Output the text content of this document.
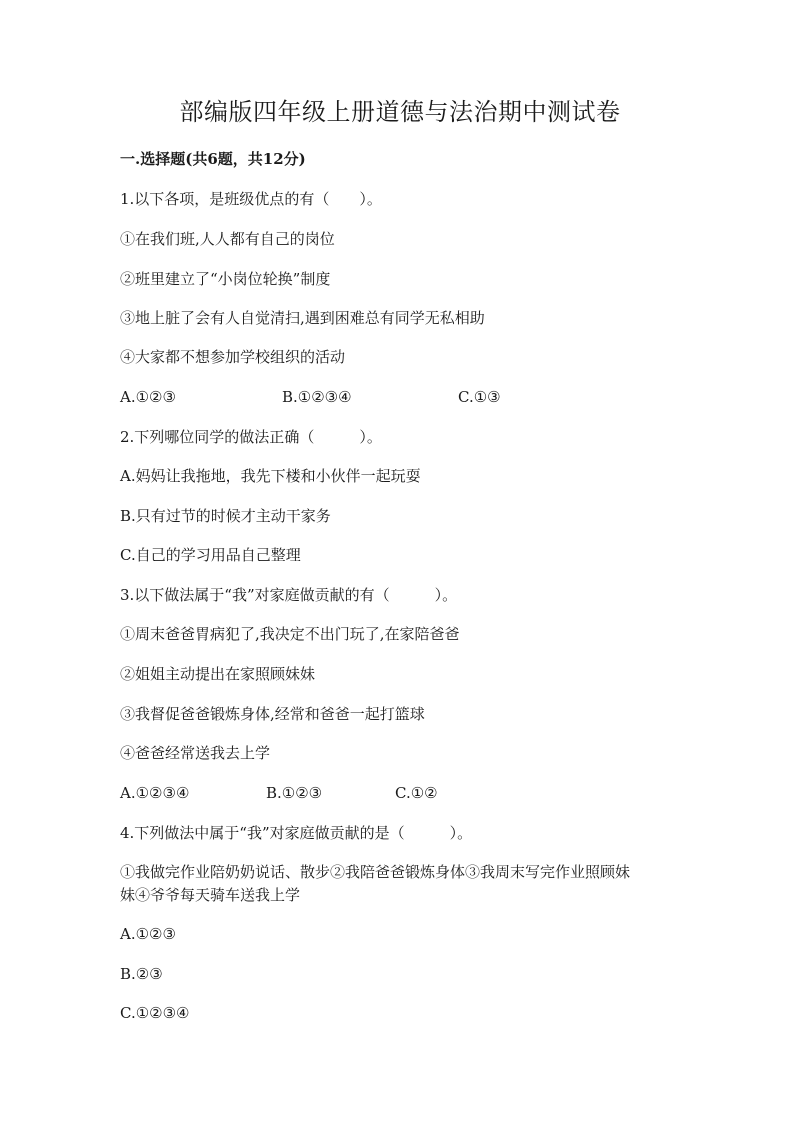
部编版四年级上册道德与法治期中测试卷
一.选择题(共6题，共12分)
1.以下各项，是班级优点的有（　　）。
①在我们班,人人都有自己的岗位
②班里建立了“小岗位轮换”制度
③地上脏了会有人自觉清扫,遇到困难总有同学无私相助
④大家都不想参加学校组织的活动
A.①②③	B.①②③④	C.①③
2.下列哪位同学的做法正确（　　　）。
A.妈妈让我拖地，我先下楼和小伙伴一起玩耍
B.只有过节的时候才主动干家务
C.自己的学习用品自己整理
3.以下做法属于“我”对家庭做贡献的有（　　　）。
①周末爸爸胃病犯了,我决定不出门玩了,在家陪爸爸
②姐姐主动提出在家照顾妹妹
③我督促爸爸锻炼身体,经常和爸爸一起打篮球
④爸爸经常送我去上学
A.①②③④	B.①②③	C.①②
4.下列做法中属于“我”对家庭做贡献的是（　　　）。
①我做完作业陪奶奶说话、散步②我陪爸爸锻炼身体③我周末写完作业照顾妹
妹④爷爷每天骑车送我上学
A.①②③
B.②③
C.①②③④
